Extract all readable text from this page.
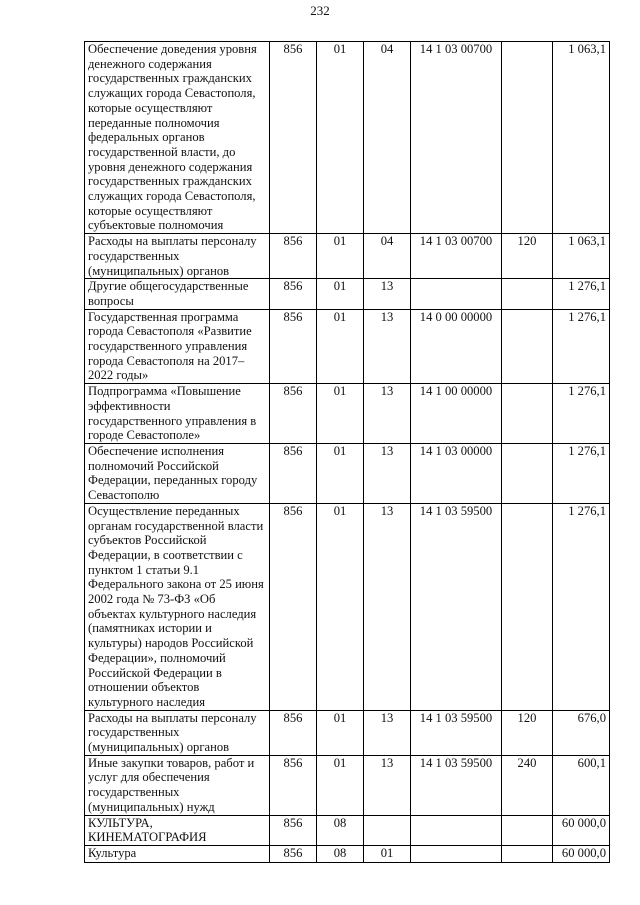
232
Обеспечение доведения уровня денежного содержания государственных гражданских служащих города Севастополя, которые осуществляют переданные полномочия федеральных органов государственной власти, до уровня денежного содержания государственных гражданских служащих города Севастополя, которые осуществляют субъектовые полномочия	856	01	04	14 1 03 00700		1 063,1
Расходы на выплаты персоналу государственных (муниципальных) органов	856	01	04	14 1 03 00700	120	1 063,1
Другие общегосударственные вопросы	856	01	13			1 276,1
Государственная программа города Севастополя «Развитие государственного управления города Севастополя на 2017–2022 годы»	856	01	13	14 0 00 00000		1 276,1
Подпрограмма «Повышение эффективности государственного управления в городе Севастополе»	856	01	13	14 1 00 00000		1 276,1
Обеспечение исполнения полномочий Российской Федерации, переданных городу Севастополю	856	01	13	14 1 03 00000		1 276,1
Осуществление переданных органам государственной власти субъектов Российской Федерации, в соответствии с пунктом 1 статьи 9.1 Федерального закона от 25 июня 2002 года № 73-ФЗ «Об объектах культурного наследия (памятниках истории и культуры) народов Российской Федерации», полномочий Российской Федерации в отношении объектов культурного наследия	856	01	13	14 1 03 59500		1 276,1
Расходы на выплаты персоналу государственных (муниципальных) органов	856	01	13	14 1 03 59500	120	676,0
Иные закупки товаров, работ и услуг для обеспечения государственных (муниципальных) нужд	856	01	13	14 1 03 59500	240	600,1
КУЛЬТУРА, КИНЕМАТОГРАФИЯ	856	08				60 000,0
Культура	856	08	01			60 000,0
